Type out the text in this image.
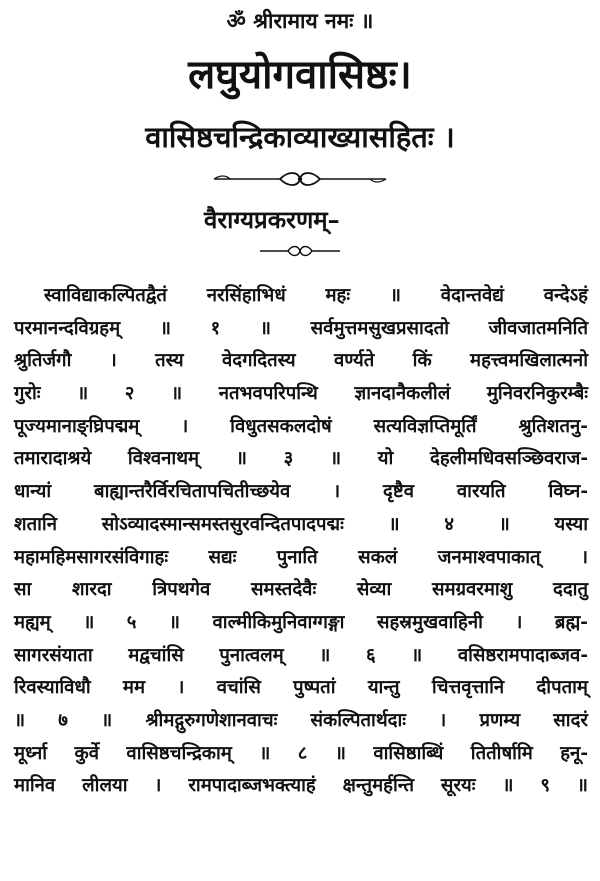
ॐ श्रीरामाय नमः ॥
लघुयोगवासिष्ठः।
वासिष्ठचन्द्रिकाव्याख्यासहितः ।
वैराग्यप्रकरणम्–
स्वाविद्याकल्पितद्वैतं नरसिंहाभिधं महः ॥ वेदान्तवेद्यं वन्देऽहं
परमानन्दविग्रहम् ॥ १ ॥ सर्वमुत्तमसुखप्रसादतो जीवजातमनिति
श्रुतिर्जगौ । तस्य वेदगदितस्य वर्ण्यते किं महत्त्वमखिलात्मनो
गुरोः ॥ २ ॥ नतभवपरिपन्थि ज्ञानदानैकलीलं मुनिवरनिकुरम्बैः
पूज्यमानाङ्घ्रिपद्मम् । विधुतसकलदोषं सत्यविज्ञप्तिमूर्तिं श्रुतिशतनु-
तमारादाश्रये विश्वनाथम् ॥ ३ ॥ यो देहलीमधिवसञ्छिवराज-
धान्यां बाह्यान्तरैर्विरचितापचितीच्छयेव । दृष्टैव वारयति विघ्न-
शतानि सोऽव्यादस्मान्समस्तसुरवन्दितपादपद्मः ॥ ४ ॥ यस्या
महामहिमसागरसंविगाहः सद्यः पुनाति सकलं जनमाश्वपाकात् ।
सा शारदा त्रिपथगेव समस्तदेवैः सेव्या समग्रवरमाशु ददातु
मह्यम् ॥ ५ ॥ वाल्मीकिमुनिवाग्गङ्गा सहस्रमुखवाहिनी । ब्रह्म-
सागरसंयाता मद्वचांसि पुनात्वलम् ॥ ६ ॥ वसिष्ठरामपादाब्जव-
रिवस्याविधौ मम । वचांसि पुष्पतां यान्तु चित्तवृत्तानि दीपताम्
॥ ७ ॥ श्रीमद्गुरुगणेशानवाचः संकल्पितार्थदाः । प्रणम्य सादरं
मूर्ध्ना कुर्वे वासिष्ठचन्द्रिकाम् ॥ ८ ॥ वासिष्ठाब्धिं तितीर्षामि हनू-
मानिव लीलया । रामपादाब्जभक्त्याहं क्षन्तुमर्हन्ति सूरयः ॥ ९ ॥
